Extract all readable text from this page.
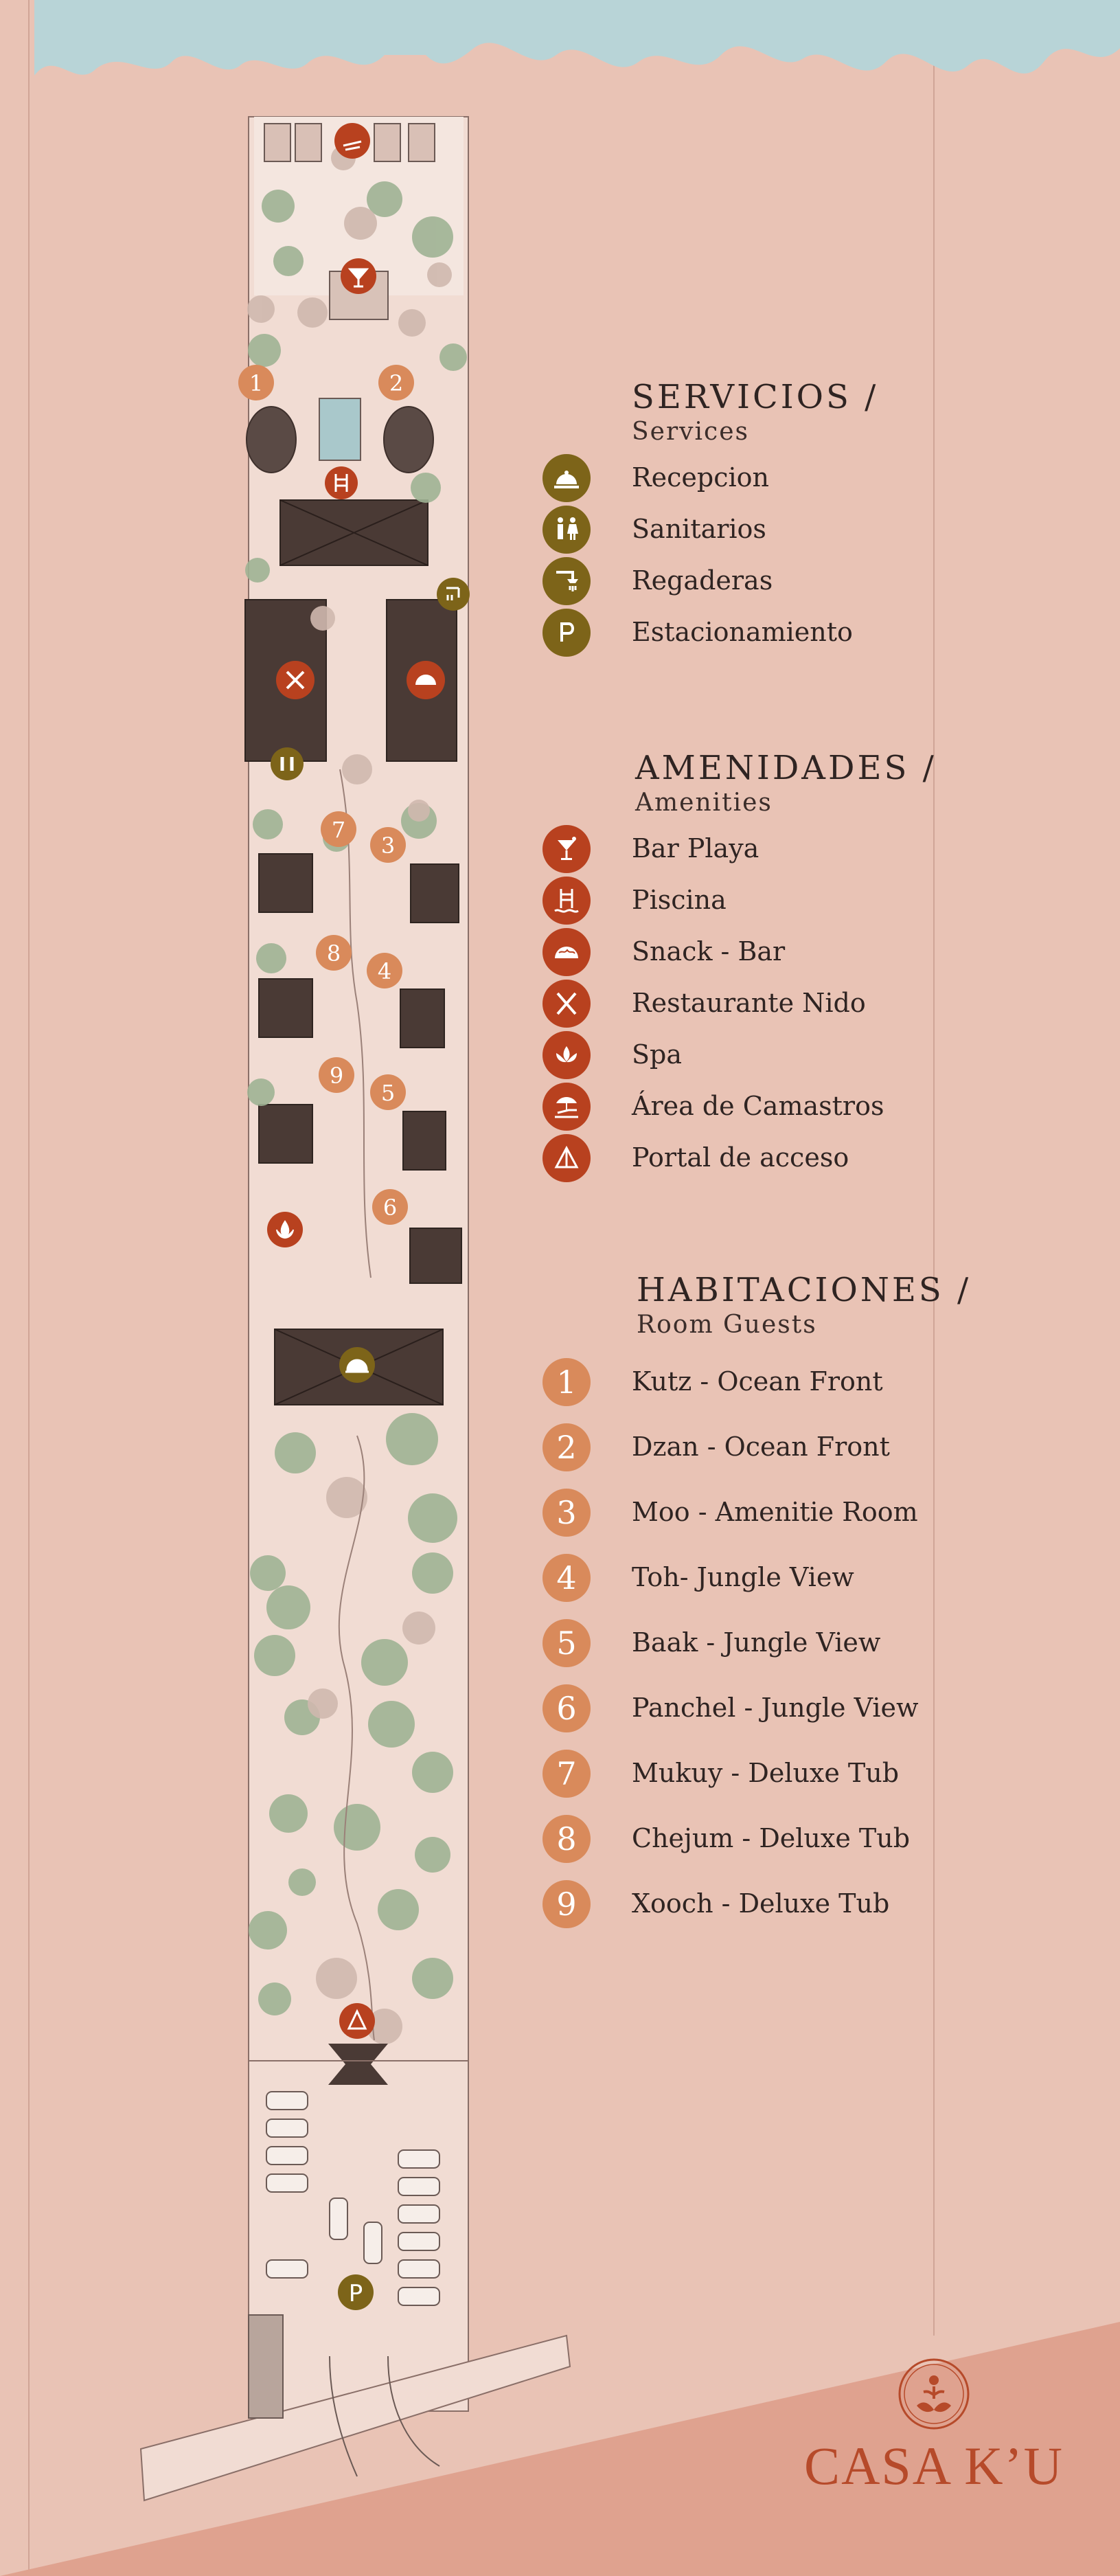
P
1	2
3
4
5
6
7
8
9
SERVICIOS /
Services
Recepcion
Sanitarios
Regaderas
Estacionamiento
AMENIDADES /
Amenities
Bar Playa
Piscina
Snack - Bar
Restaurante Nido
Spa
Área de Camastros
Portal de acceso
HABITACIONES /
Room Guests
1 Kutz - Ocean Front
2 Dzan - Ocean Front
3 Moo - Amenitie Room
4 Toh- Jungle View
5 Baak - Jungle View
6 Panchel - Jungle View
7 Mukuy - Deluxe Tub
8 Chejum - Deluxe Tub
9 Xooch - Deluxe Tub
CASA K’U
